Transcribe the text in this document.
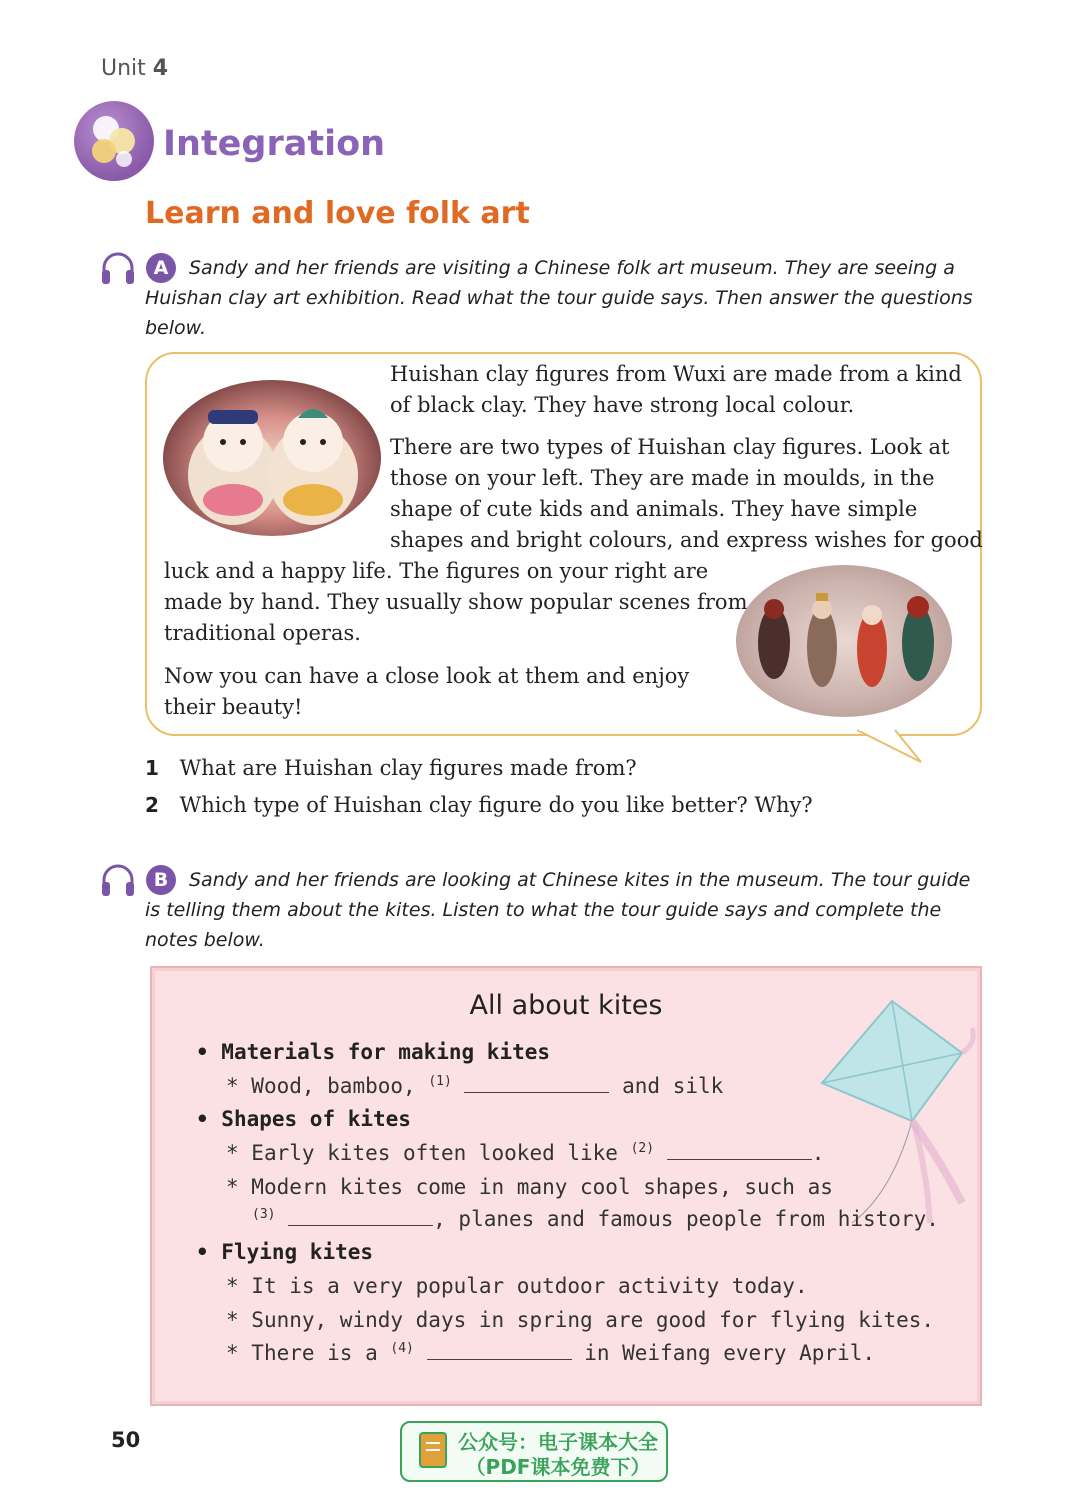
Unit 4
Integration
Learn and love folk art
A	Sandy and her friends are visiting a Chinese folk art museum. They are seeing a
Huishan clay art exhibition. Read what the tour guide says. Then answer the questions
below.
Huishan clay figures from Wuxi are made from a kind
of black clay. They have strong local colour.
There are two types of Huishan clay figures. Look at
those on your left. They are made in moulds, in the
shape of cute kids and animals. They have simple
shapes and bright colours, and express wishes for good
luck and a happy life. The figures on your right are
made by hand. They usually show popular scenes from
traditional operas.
Now you can have a close look at them and enjoy
their beauty!
1 What are Huishan clay figures made from?
2 Which type of Huishan clay figure do you like better? Why?
B	Sandy and her friends are looking at Chinese kites in the museum. The tour guide
is telling them about the kites. Listen to what the tour guide says and complete the
notes below.
All about kites
• Materials for making kites
* Wood, bamboo, $^{(1)}$	and silk
• Shapes of kites
* Early kites often looked like $^{(2)}$	.
* Modern kites come in many cool shapes, such as
$^{(3)}$	, planes and famous people from history.
• Flying kites
* It is a very popular outdoor activity today.
* Sunny, windy days in spring are good for flying kites.
* There is a $^{(4)}$	in Weifang every April.
50	公众号：电子课本大全
（PDF课本免费下）
